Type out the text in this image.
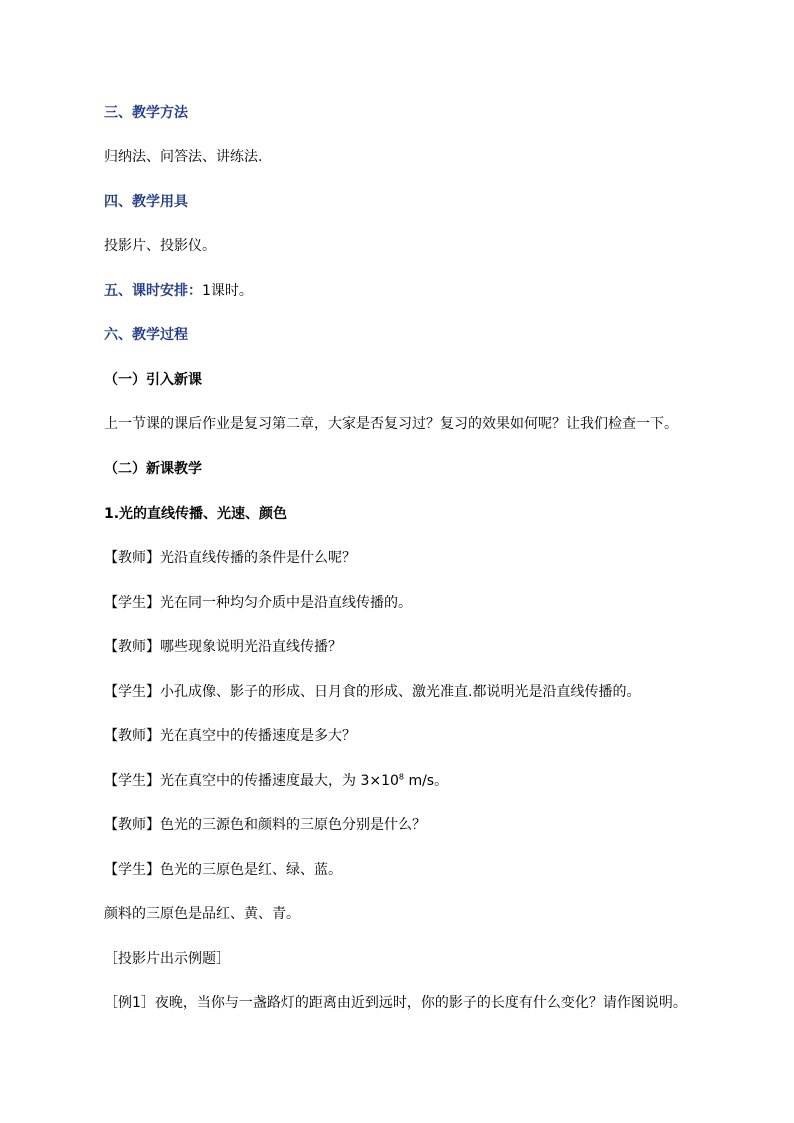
三、教学方法
归纳法、问答法、讲练法.
四、教学用具
投影片、投影仪。
五、课时安排：1课时。
六、教学过程
（一）引入新课
上一节课的课后作业是复习第二章，大家是否复习过？复习的效果如何呢？让我们检查一下。
（二）新课教学
1.光的直线传播、光速、颜色
【教师】光沿直线传播的条件是什么呢？
【学生】光在同一种均匀介质中是沿直线传播的。
【教师】哪些现象说明光沿直线传播？
【学生】小孔成像、影子的形成、日月食的形成、激光准直.都说明光是沿直线传播的。
【教师】光在真空中的传播速度是多大？
【学生】光在真空中的传播速度最大，为 $3\times 10^8$ m/s。
【教师】色光的三源色和颜料的三原色分别是什么？
【学生】色光的三原色是红、绿、蓝。
颜料的三原色是品红、黄、青。
［投影片出示例题］
［例1］夜晚，当你与一盏路灯的距离由近到远时，你的影子的长度有什么变化？请作图说明。
